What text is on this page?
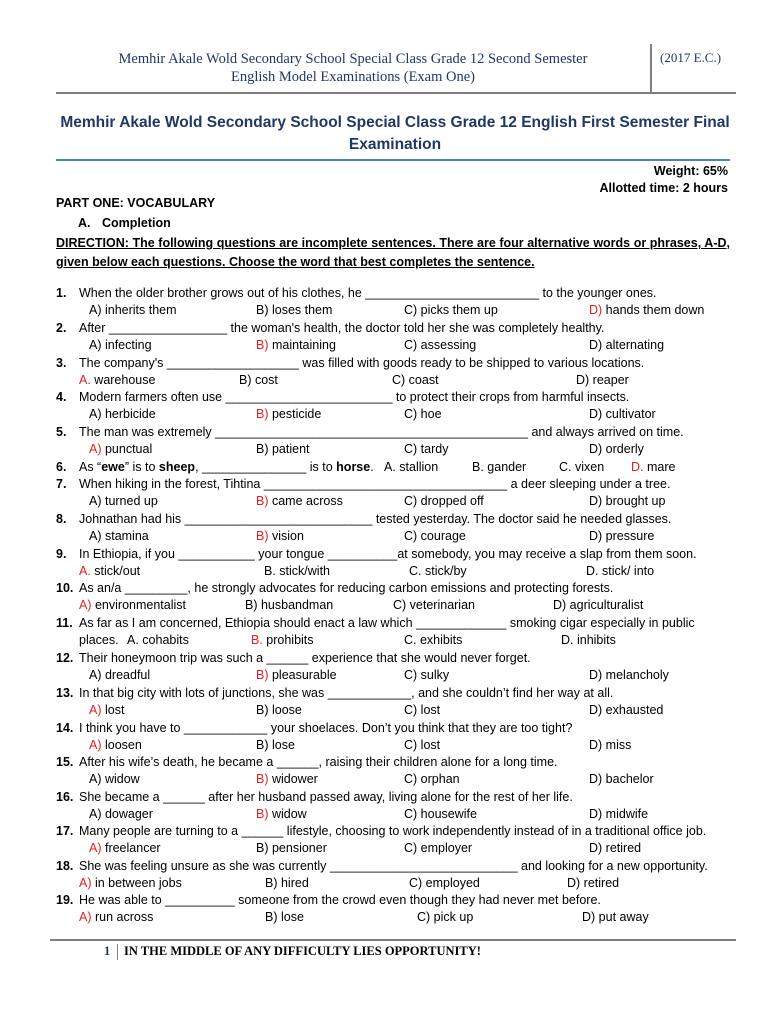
Memhir Akale Wold Secondary School Special Class Grade 12 Second Semester
English Model Examinations (Exam One)
(2017 E.C.)
Memhir Akale Wold Secondary School Special Class Grade 12 English First Semester Final
Examination
Weight: 65%
Allotted time: 2 hours
PART ONE: VOCABULARY
A. Completion
DIRECTION: The following questions are incomplete sentences. There are four alternative words or phrases, A-D, given below each questions. Choose the word that best completes the sentence.
1. When the older brother grows out of his clothes, he _________________________ to the younger ones.
A) inherits them	B) loses them	C) picks them up	D) hands them down
2. After _________________ the woman's health, the doctor told her she was completely healthy.
A) infecting	B) maintaining	C) assessing	D) alternating
3. The company's ___________________ was filled with goods ready to be shipped to various locations.
A. warehouse	B) cost	C) coast	D) reaper
4. Modern farmers often use ________________________ to protect their crops from harmful insects.
A) herbicide	B) pesticide	C) hoe	D) cultivator
5. The man was extremely _____________________________________________ and always arrived on time.
A) punctual	B) patient	C) tardy	D) orderly
6. As “ewe” is to sheep, _______________ is to horse. A. stallion	B. gander	C. vixen D. mare
7. When hiking in the forest, Tihtina ___________________________________ a deer sleeping under a tree.
A) turned up	B) came across	C) dropped off	D) brought up
8. Johnathan had his ___________________________ tested yesterday. The doctor said he needed glasses.
A) stamina	B) vision	C) courage	D) pressure
9. In Ethiopia, if you ___________ your tongue __________at somebody, you may receive a slap from them soon.
A. stick/out	B. stick/with	C. stick/by	D. stick/ into
10. As an/a _________, he strongly advocates for reducing carbon emissions and protecting forests.
A) environmentalist	B) husbandman	C) veterinarian	D) agriculturalist
11. As far as I am concerned, Ethiopia should enact a law which _____________ smoking cigar especially in public
places. A. cohabits	B. prohibits	C. exhibits	D. inhibits
12. Their honeymoon trip was such a ______ experience that she would never forget.
A) dreadful	B) pleasurable	C) sulky	D) melancholy
13. In that big city with lots of junctions, she was ____________, and she couldn’t find her way at all.
A) lost	B) loose	C) lost	D) exhausted
14. I think you have to ____________ your shoelaces. Don’t you think that they are too tight?
A) loosen	B) lose	C) lost	D) miss
15. After his wife’s death, he became a ______, raising their children alone for a long time.
A) widow	B) widower	C) orphan	D) bachelor
16. She became a ______ after her husband passed away, living alone for the rest of her life.
A) dowager	B) widow	C) housewife	D) midwife
17. Many people are turning to a ______ lifestyle, choosing to work independently instead of in a traditional office job.
A) freelancer	B) pensioner	C) employer	D) retired
18. She was feeling unsure as she was currently ___________________________ and looking for a new opportunity.
A) in between jobs	B) hired	C) employed	D) retired
19. He was able to __________ someone from the crowd even though they had never met before.
A) run across	B) lose	C) pick up	D) put away
1 IN THE MIDDLE OF ANY DIFFICULTY LIES OPPORTUNITY!
